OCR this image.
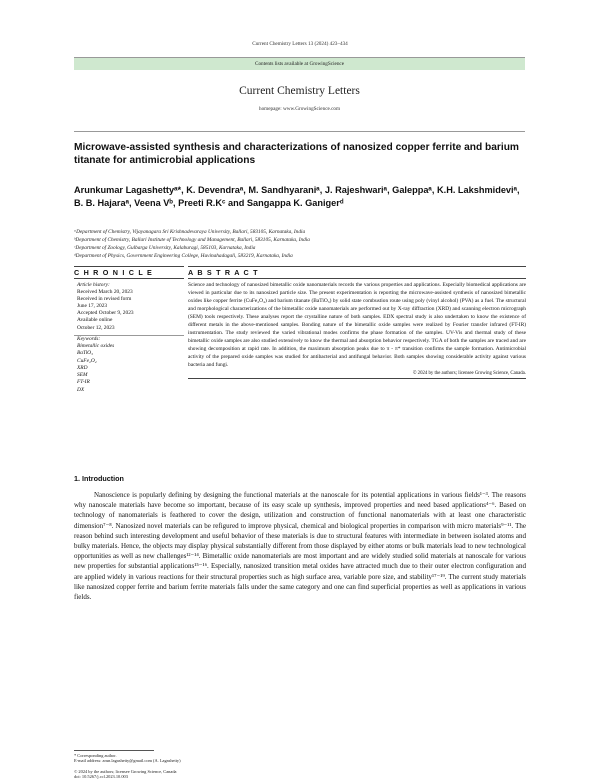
Current Chemistry Letters 13 (2024) 423–434
Contents lists available at GrowingScience
Current Chemistry Letters
homepage: www.GrowingScience.com
Microwave-assisted synthesis and characterizations of nanosized copper ferrite and barium titanate for antimicrobial applications
Arunkumar Lagashettyᵃ*, K. Devendraᵃ, M. Sandhyaraniᵃ, J. Rajeshwariᵃ, Galeppaᵃ, K.H. Lakshmideviᵃ, B. B. Hajaraᵃ, Veena Vᵇ, Preeti R.Kᶜ and Sangappa K. Ganigerᵈ
ᵃDepartment of Chemistry, Vijayanagara Sri Krishnadevaraya University, Ballari, 583105, Karnataka, India
ᵇDepartment of Chemistry, Ballari Institute of Technology and Management, Ballari, 583105, Karnataka, India
ᶜDepartment of Zoology, Gulbarga University, Kalaburagi, 585103, Karnataka, India
ᵈDepartment of Physics, Government Engineering College, Huvinahadagali, 583219, Karnataka, India
C H R O N I C L E
Article history:
Received March 20, 2023
Received in revised form
June 17, 2023
Accepted October 9, 2023
Available online
October 12, 2023
Keywords:
Bimetallic oxides
BaTiO₃
CuFe₂O₄
XRD
SEM
FT-IR
DX
A B S T R A C T
Science and technology of nanosized bimetallic oxide nanomaterials records the various properties and applications. Especially biomedical applications are viewed in particular due to its nanosized particle size. The present experimentation is reporting the microwave-assisted synthesis of nanosized bimetallic oxides like copper ferrite (CuFe₂O₄) and barium titanate (BaTiO₃) by solid state combustion route using poly (vinyl alcohol) (PVA) as a fuel. The structural and morphological characterizations of the bimetallic oxide nanomaterials are performed out by X-ray diffraction (XRD) and scanning electron micrograph (SEM) tools respectively. These analyses report the crystalline nature of both samples. EDX spectral study is also undertaken to know the existence of different metals in the above-mentioned samples. Bonding nature of the bimetallic oxide samples were realized by Fourier transfer infrared (FT-IR) instrumentation. The study reviewed the varied vibrational modes confirms the phase formation of the samples. UV-Vis and thermal study of these bimetallic oxide samples are also studied extensively to know the thermal and absorption behavior respectively. TGA of both the samples are traced and are showing decomposition at rapid rate. In addition, the maximum absorption peaks due to π - π* transition confirms the sample formation. Antimicrobial activity of the prepared oxide samples was studied for antibacterial and antifungal behavior. Both samples showing considerable activity against various bacteria and fungi.
© 2024 by the authors; licensee Growing Science, Canada.
1. Introduction
Nanoscience is popularly defining by designing the functional materials at the nanoscale for its potential applications in various fields¹⁻³. The reasons why nanoscale materials have become so important, because of its easy scale up synthesis, improved properties and need based applications⁴⁻⁶. Based on technology of nanomaterials is feathered to cover the design, utilization and construction of functional nanomaterials with at least one characteristic dimension⁷⁻⁸. Nanosized novel materials can be refigured to improve physical, chemical and biological properties in comparison with micro materials⁹⁻¹¹. The reason behind such interesting development and useful behavior of these materials is due to structural features with intermediate in between isolated atoms and bulky materials. Hence, the objects may display physical substantially different from those displayed by either atoms or bulk materials lead to new technological opportunities as well as new challenges¹²⁻¹⁴. Bimetallic oxide nanomaterials are most important and are widely studied solid materials at nanoscale for various new properties for substantial applications¹⁵⁻¹⁶. Especially, nanosized transition metal oxides have attracted much due to their outer electron configuration and are applied widely in various reactions for their structural properties such as high surface area, variable pore size, and stability¹⁷⁻¹⁹. The current study materials like nanosized copper ferrite and barium ferrite materials falls under the same category and one can find superficial properties as well as applications in various fields.
* Corresponding author.
E-mail address: arun.lagashetty@gmail.com (A. Lagashetty)
© 2024 by the authors; licensee Growing Science, Canada
doi: 10.5267/j.ccl.2023.10.003
